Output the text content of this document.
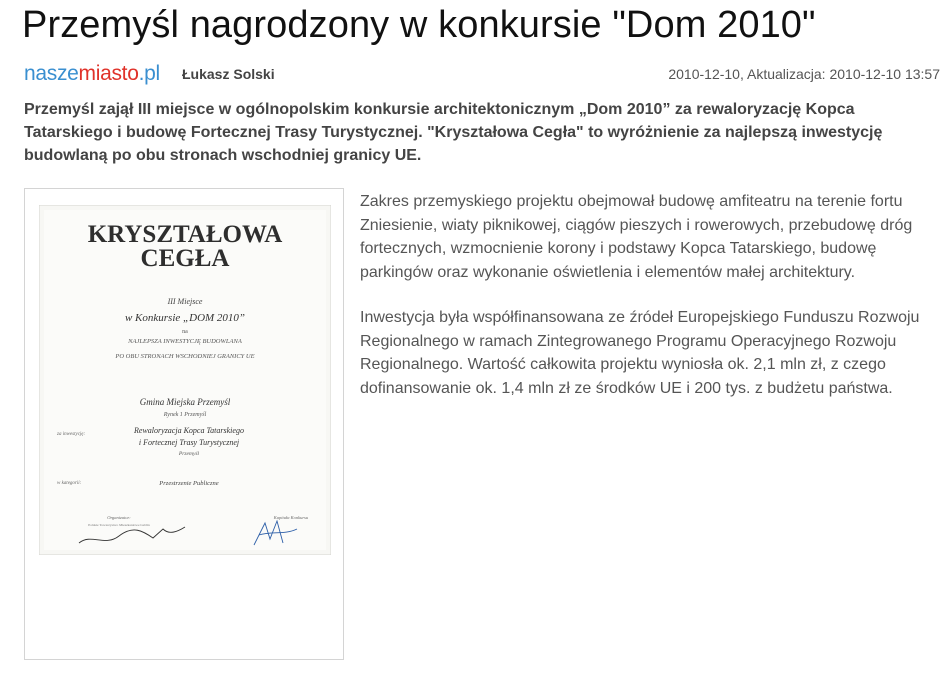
Przemyśl nagrodzony w konkursie "Dom 2010"
naszemiasto.pl Łukasz Solski	2010-12-10, Aktualizacja: 2010-12-10 13:57

Przemyśl zajął III miejsce w ogólnopolskim konkursie architektonicznym „Dom 2010” za rewaloryzację Kopca Tatarskiego i budowę Fortecznej Trasy Turystycznej. "Kryształowa Cegła" to wyróżnienie za najlepszą inwestycję budowlaną po obu stronach wschodniej granicy UE.

KRYSZTAŁOWA
CEGŁA
III Miejsce
w Konkursie „DOM 2010”
na
NAJLEPSZA INWESTYCJĘ BUDOWLANA
PO OBU STRONACH WSCHODNIEJ GRANICY UE
Gmina Miejska Przemyśl
Rynek 1 Przemyśl
za inwestycję:	Rewaloryzacja Kopca Tatarskiego
i Fortecznej Trasy Turystycznej
Przemyśl
w kategorii:	Przestrzenie Publiczne
Organizator:
Polskie Towarzystwo Mieszkaniowe Lublin
Kapituła Konkursu

Zakres przemyskiego projektu obejmował budowę amfiteatru na terenie fortu Zniesienie, wiaty piknikowej, ciągów pieszych i rowerowych, przebudowę dróg fortecznych, wzmocnienie korony i podstawy Kopca Tatarskiego, budowę parkingów oraz wykonanie oświetlenia i elementów małej architektury.

Inwestycja była współfinansowana ze źródeł Europejskiego Funduszu Rozwoju Regionalnego w ramach Zintegrowanego Programu Operacyjnego Rozwoju Regionalnego. Wartość całkowita projektu wyniosła ok. 2,1 mln zł, z czego dofinansowanie ok. 1,4 mln zł ze środków UE i 200 tys. z budżetu państwa.
